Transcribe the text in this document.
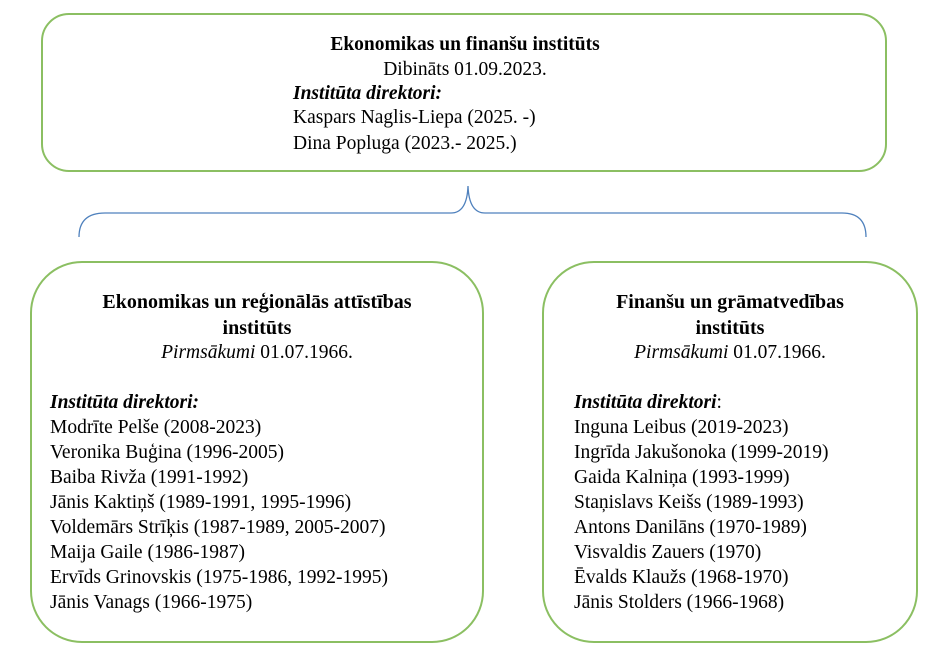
Ekonomikas un finanšu institūts
Dibināts 01.09.2023.
Institūta direktori:
Kaspars Naglis-Liepa (2025. -)
Dina Popluga (2023.- 2025.)
Ekonomikas un reģionālās attīstības
institūts
Pirmsākumi 01.07.1966.
Institūta direktori:
Modrīte Pelše (2008-2023)
Veronika Buģina (1996-2005)
Baiba Rivža (1991-1992)
Jānis Kaktiņš (1989-1991, 1995-1996)
Voldemārs Strīķis (1987-1989, 2005-2007)
Maija Gaile (1986-1987)
Ervīds Grinovskis (1975-1986, 1992-1995)
Jānis Vanags (1966-1975)
Finanšu un grāmatvedības
institūts
Pirmsākumi 01.07.1966.
Institūta direktori:
Inguna Leibus (2019-2023)
Ingrīda Jakušonoka (1999-2019)
Gaida Kalniņa (1993-1999)
Staņislavs Keišs (1989-1993)
Antons Danilāns (1970-1989)
Visvaldis Zauers (1970)
Ēvalds Klaužs (1968-1970)
Jānis Stolders (1966-1968)
